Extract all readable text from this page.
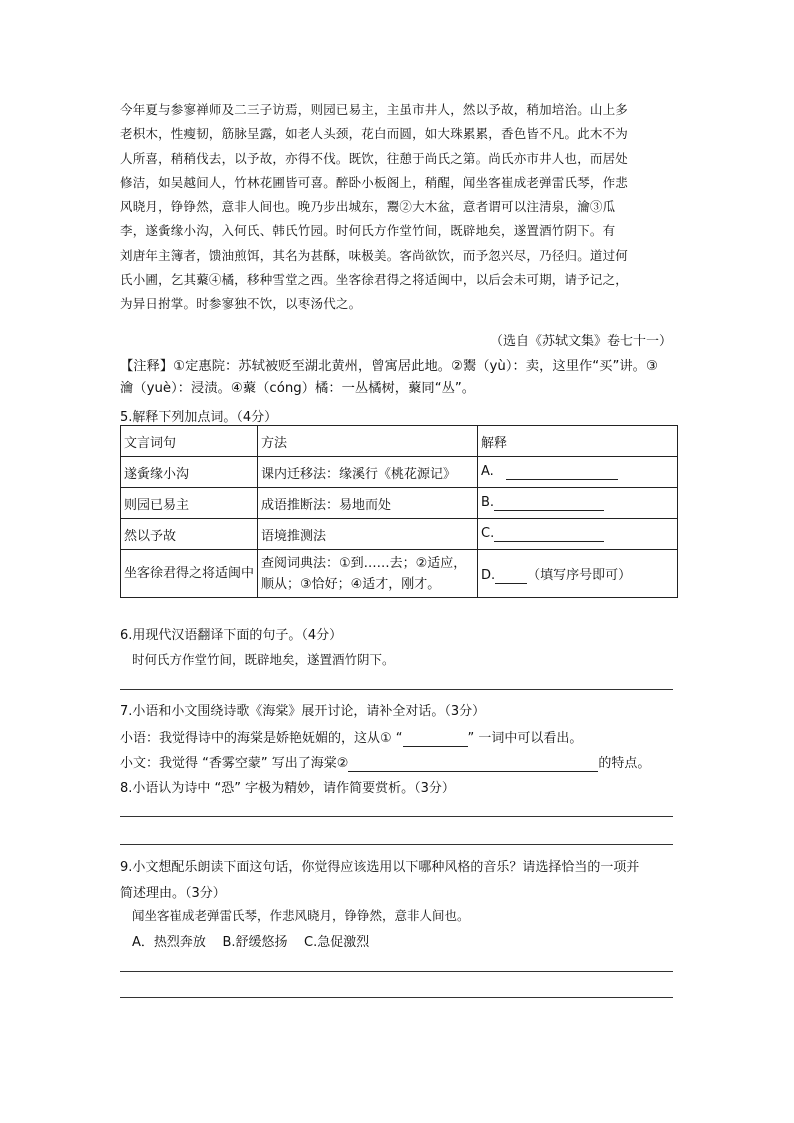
今年夏与参寥禅师及二三子访焉，则园已易主，主虽市井人，然以予故，稍加培治。山上多

老枳木，性瘦韧，筋脉呈露，如老人头颈，花白而圆，如大珠累累，香色皆不凡。此木不为

人所喜，稍稍伐去，以予故，亦得不伐。既饮，往憩于尚氏之第。尚氏亦市井人也，而居处

修洁，如吴越间人，竹林花圃皆可喜。醉卧小板阁上，稍醒，闻坐客崔成老弹雷氏琴，作悲

风晓月，铮铮然，意非人间也。晚乃步出城东，鬻②大木盆，意者谓可以注清泉，瀹③瓜

李，遂夤缘小沟，入何氏、韩氏竹园。时何氏方作堂竹间，既辟地矣，遂置酒竹阴下。有

刘唐年主簿者，馈油煎饵，其名为甚酥，味极美。客尚欲饮，而予忽兴尽，乃径归。道过何

氏小圃，乞其藂④橘，移种雪堂之西。坐客徐君得之将适闽中，以后会未可期，请予记之，

为异日拊掌。时参寥独不饮，以枣汤代之。

（选自《苏轼文集》卷七十一）
【注释】①定惠院：苏轼被贬至湖北黄州，曾寓居此地。②鬻（yù）：卖，这里作“买”讲。③
瀹（yuè）：浸渍。④藂（cóng）橘：一丛橘树，藂同“丛”。
5.解释下列加点词。（4分）
文言词句	方法	解释
遂夤缘小沟	课内迁移法：缘溪行《桃花源记》	A.
则园已易主	成语推断法：易地而处	B.
然以予故	语境推测法	C.
坐客徐君得之将适闽中	查阅词典法：①到……去；②适应，顺从；③恰好；④适才，刚才。	D. （填写序号即可）
6.用现代汉语翻译下面的句子。（4分）
时何氏方作堂竹间，既辟地矣，遂置酒竹阴下。
7.小语和小文围绕诗歌《海棠》展开讨论，请补全对话。（3分）
小语：我觉得诗中的海棠是娇艳妩媚的，这从① “	” 一词中可以看出。
小文：我觉得 “香雾空蒙” 写出了海棠②	的特点。
8.小语认为诗中 “恐” 字极为精妙，请作简要赏析。（3分）
9.小文想配乐朗读下面这句话，你觉得应该选用以下哪种风格的音乐？请选择恰当的一项并
简述理由。（3分）
闻坐客崔成老弹雷氏琴，作悲风晓月，铮铮然，意非人间也。
A．热烈奔放 B.舒缓悠扬 C.急促激烈
